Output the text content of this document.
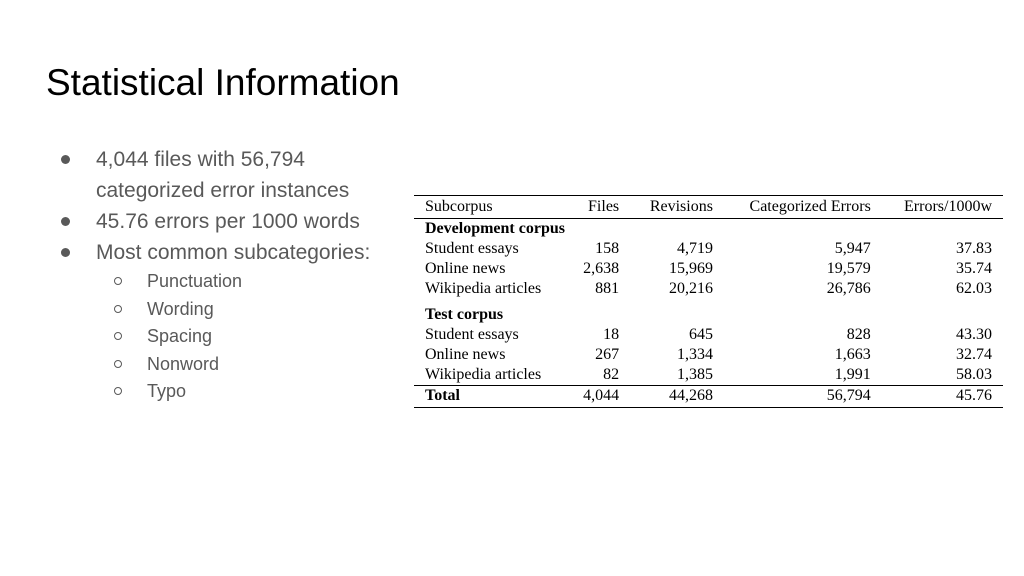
Statistical Information
4,044 files with 56,794 categorized error instances
45.76 errors per 1000 words
Most common subcategories:
Punctuation
Wording
Spacing
Nonword
Typo
Subcorpus	Files	Revisions	Categorized Errors	Errors/1000w
Development corpus				
Student essays	158	4,719	5,947	37.83
Online news	2,638	15,969	19,579	35.74
Wikipedia articles	881	20,216	26,786	62.03
Test corpus				
Student essays	18	645	828	43.30
Online news	267	1,334	1,663	32.74
Wikipedia articles	82	1,385	1,991	58.03
Total	4,044	44,268	56,794	45.76
